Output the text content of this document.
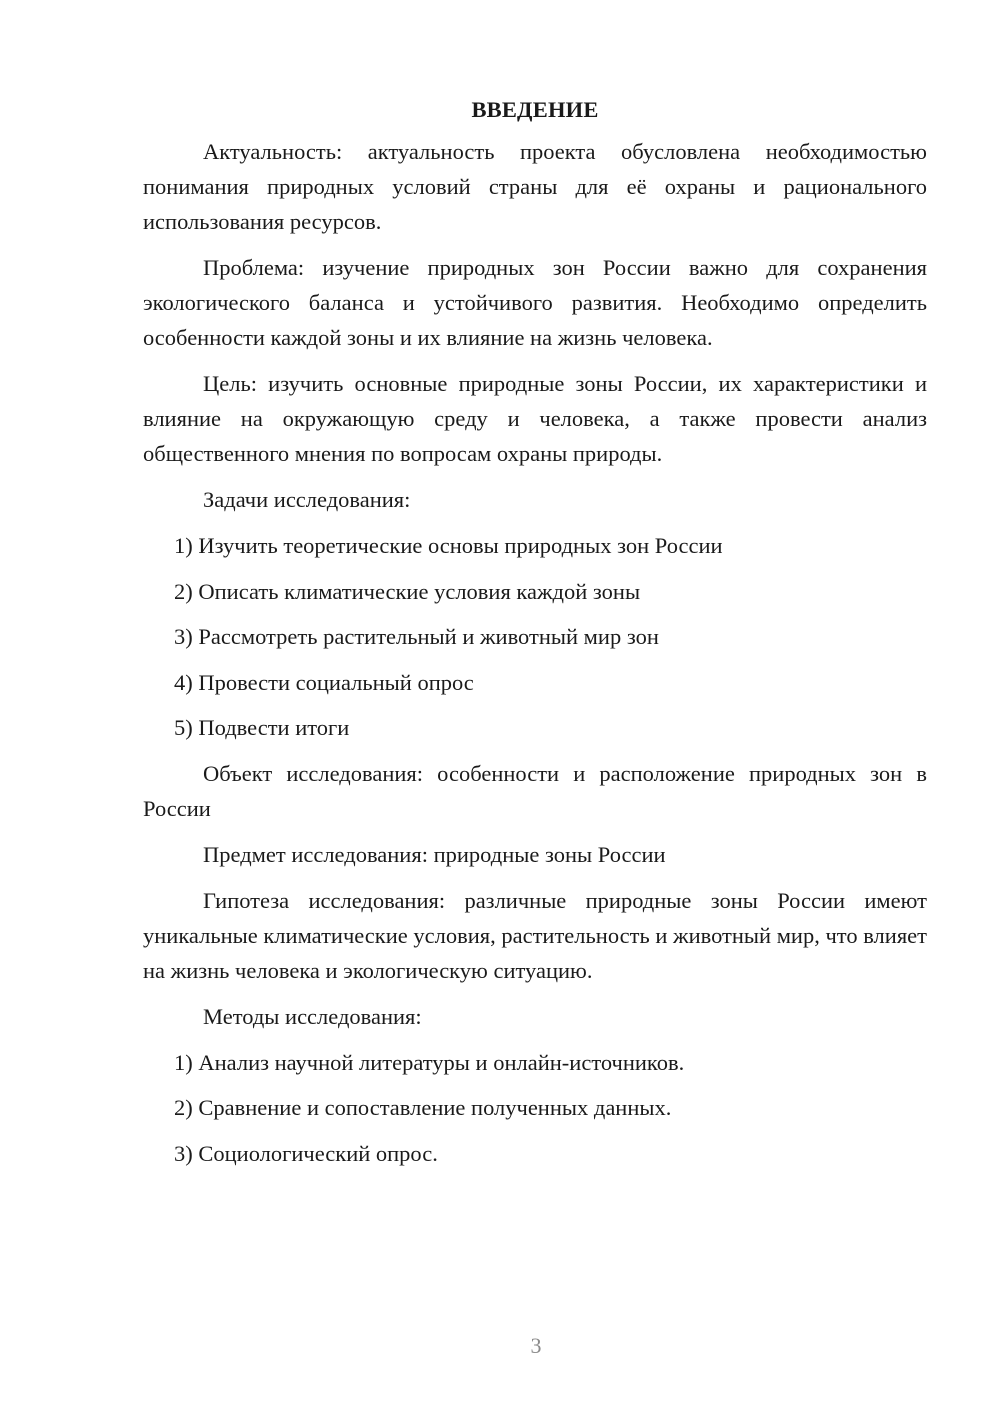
ВВЕДЕНИЕ

Актуальность: актуальность проекта обусловлена необходимостью понимания природных условий страны для её охраны и рационального использования ресурсов.

Проблема: изучение природных зон России важно для сохранения экологического баланса и устойчивого развития. Необходимо определить особенности каждой зоны и их влияние на жизнь человека.

Цель: изучить основные природные зоны России, их характеристики и влияние на окружающую среду и человека, а также провести анализ общественного мнения по вопросам охраны природы.

Задачи исследования:

1) Изучить теоретические основы природных зон России

2) Описать климатические условия каждой зоны

3) Рассмотреть растительный и животный мир зон

4) Провести социальный опрос

5) Подвести итоги

Объект исследования: особенности и расположение природных зон в России

Предмет исследования: природные зоны России

Гипотеза исследования: различные природные зоны России имеют уникальные климатические условия, растительность и животный мир, что влияет на жизнь человека и экологическую ситуацию.

Методы исследования:

1) Анализ научной литературы и онлайн-источников.

2) Сравнение и сопоставление полученных данных.

3) Социологический опрос.

3
